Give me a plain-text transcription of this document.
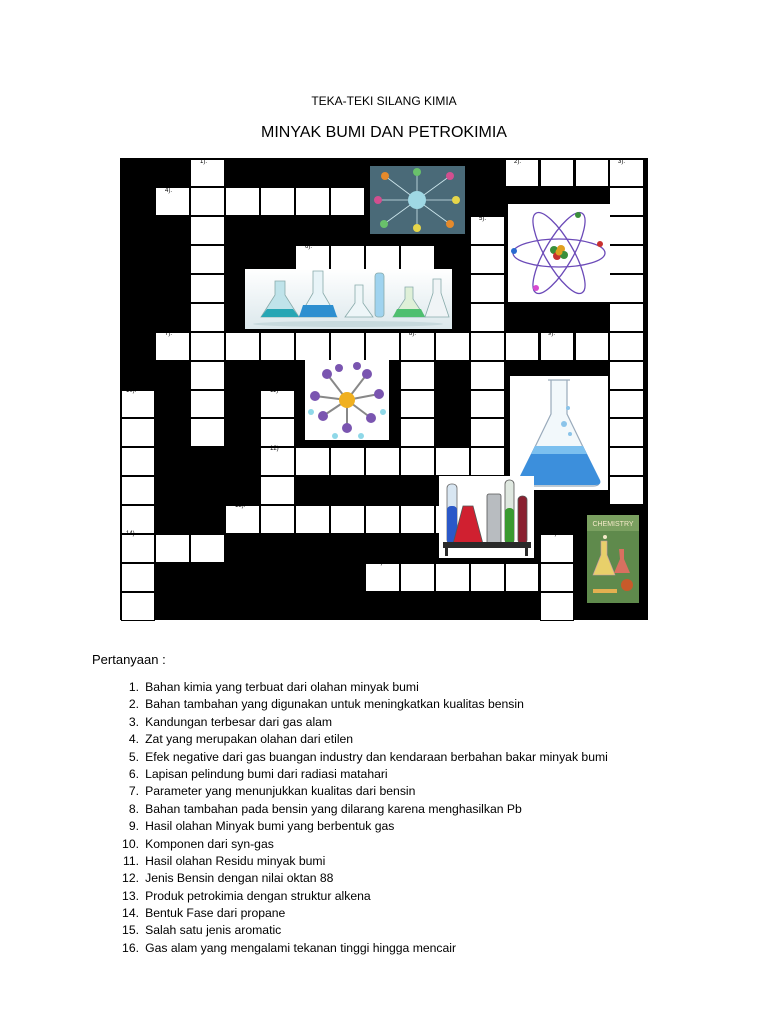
TEKA-TEKI SILANG KIMIA
MINYAK BUMI DAN PETROKIMIA
1).	2).	3).
4).
5).
6).
7).	8).	9).
10).	11)
12)
13).
14).	15)
16).
CHEMISTRY
Pertanyaan :
1.  Bahan kimia yang terbuat dari olahan minyak bumi
2.  Bahan tambahan yang digunakan untuk meningkatkan kualitas bensin
3.  Kandungan terbesar dari gas alam
4.  Zat yang merupakan olahan dari etilen
5.  Efek negative dari gas buangan industry dan kendaraan berbahan bakar minyak bumi
6.  Lapisan pelindung bumi dari radiasi matahari
7.  Parameter yang menunjukkan kualitas dari bensin
8.  Bahan tambahan pada bensin yang dilarang karena menghasilkan Pb
9.  Hasil olahan Minyak bumi yang berbentuk gas
10.  Komponen dari syn-gas
11.  Hasil olahan Residu minyak bumi
12.  Jenis Bensin dengan nilai oktan 88
13.  Produk petrokimia dengan struktur alkena
14.  Bentuk Fase dari propane
15.  Salah satu jenis aromatic
16.  Gas alam yang mengalami tekanan tinggi hingga mencair
